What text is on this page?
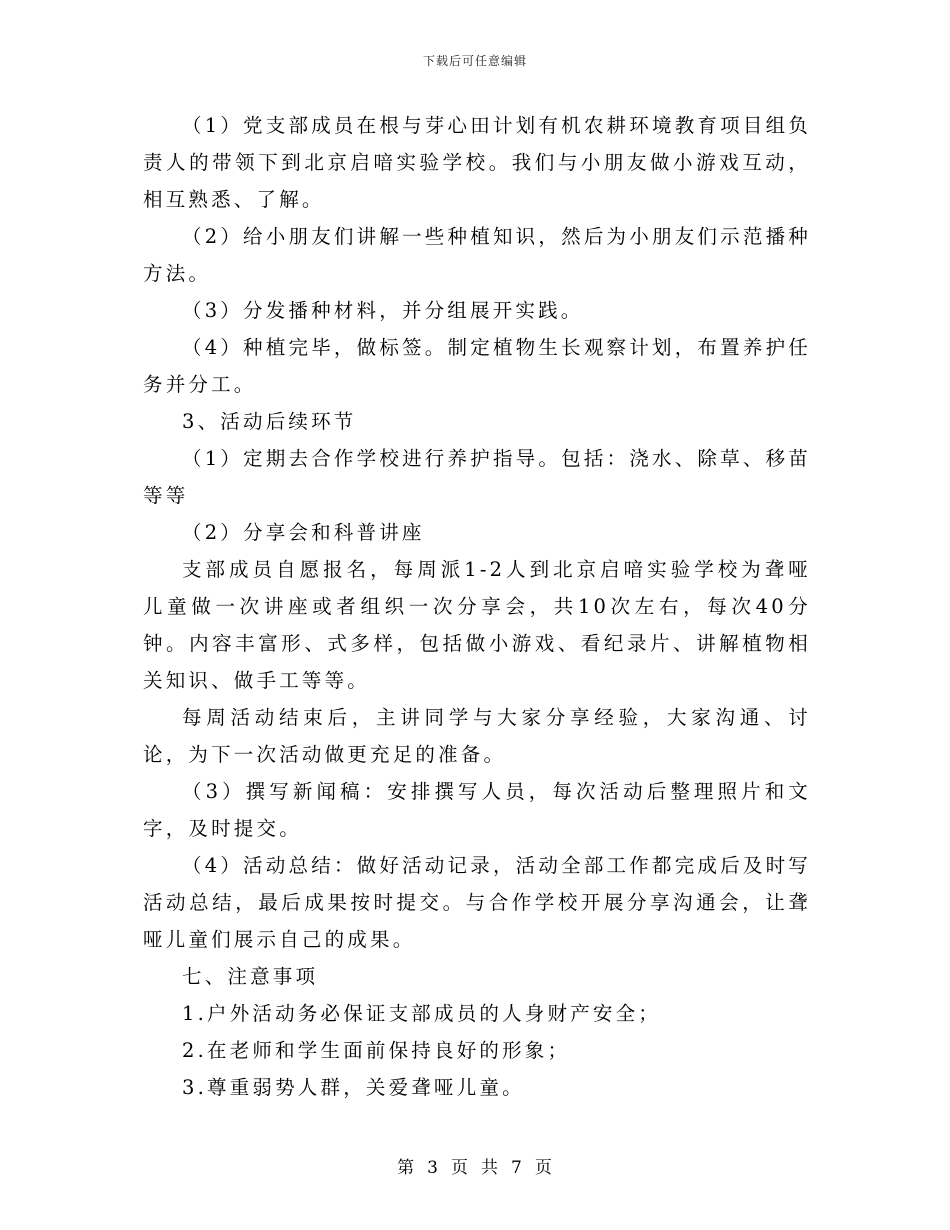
下载后可任意编辑

（1）党支部成员在根与芽心田计划有机农耕环境教育项目组负责人的带领下到北京启喑实验学校。我们与小朋友做小游戏互动，相互熟悉、了解。

（2）给小朋友们讲解一些种植知识，然后为小朋友们示范播种方法。

（3）分发播种材料，并分组展开实践。

（4）种植完毕，做标签。制定植物生长观察计划，布置养护任务并分工。

3、活动后续环节

（1）定期去合作学校进行养护指导。包括：浇水、除草、移苗等等

（2）分享会和科普讲座

支部成员自愿报名，每周派1-2人到北京启喑实验学校为聋哑儿童做一次讲座或者组织一次分享会，共10次左右，每次40分钟。内容丰富形、式多样，包括做小游戏、看纪录片、讲解植物相关知识、做手工等等。

每周活动结束后，主讲同学与大家分享经验，大家沟通、讨论，为下一次活动做更充足的准备。

（3）撰写新闻稿：安排撰写人员，每次活动后整理照片和文字，及时提交。

（4）活动总结：做好活动记录，活动全部工作都完成后及时写活动总结，最后成果按时提交。与合作学校开展分享沟通会，让聋哑儿童们展示自己的成果。

七、注意事项

1.户外活动务必保证支部成员的人身财产安全；

2.在老师和学生面前保持良好的形象；

3.尊重弱势人群，关爱聋哑儿童。

第 3 页 共 7 页
